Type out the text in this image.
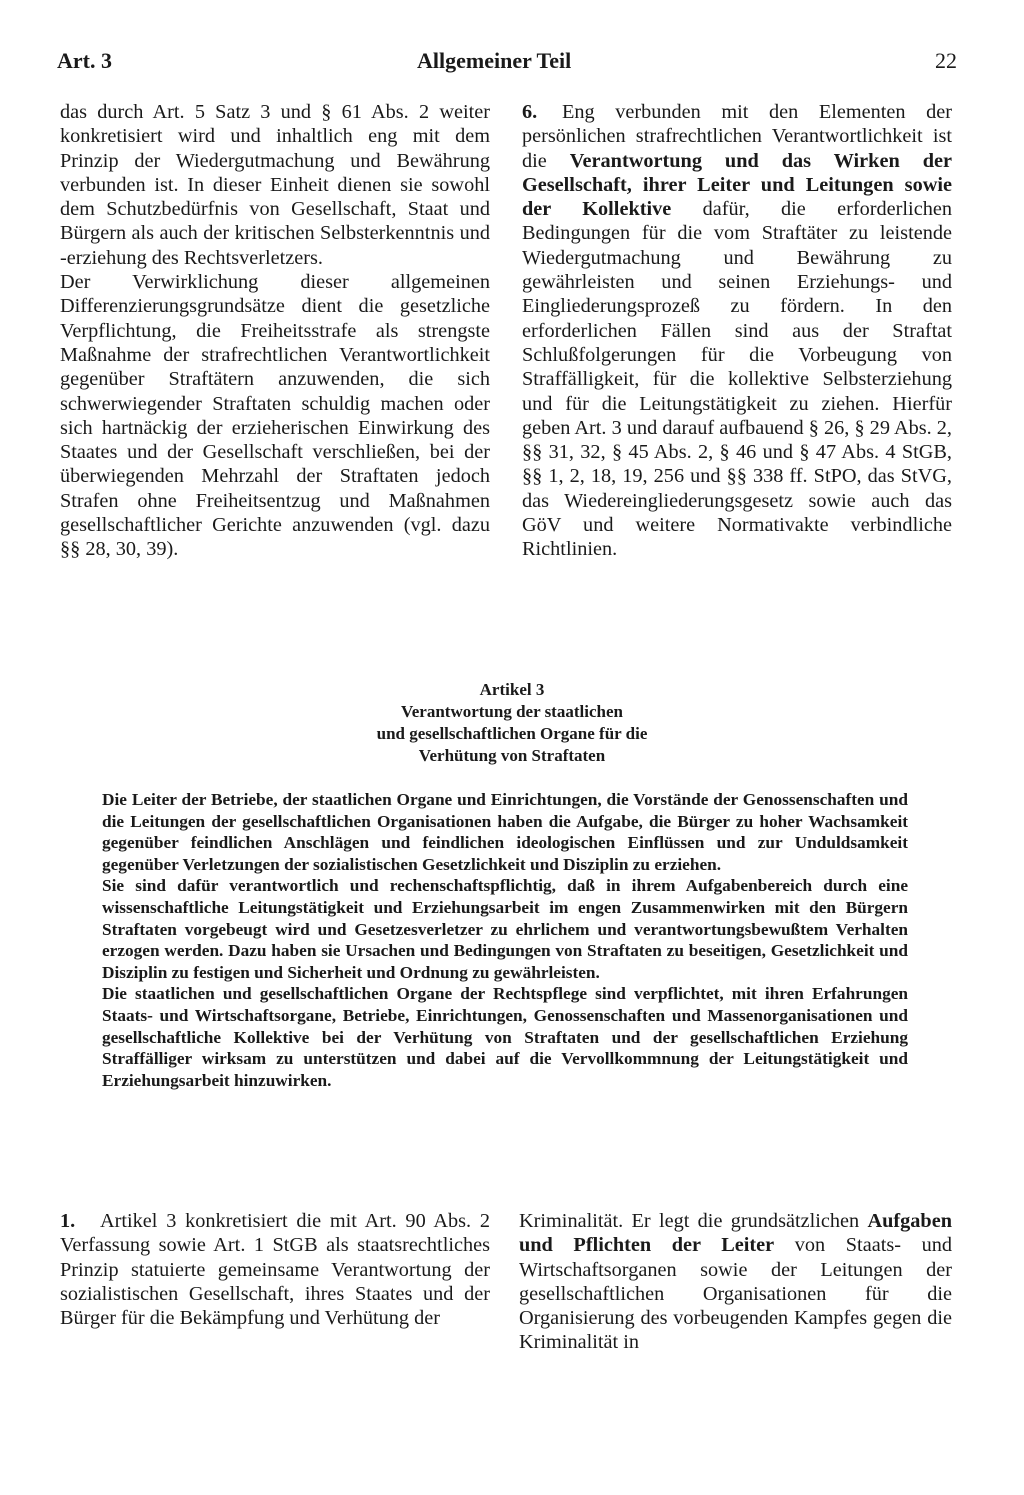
Art. 3	Allgemeiner Teil	22

das durch Art. 5 Satz 3 und § 61 Abs. 2 weiter konkretisiert wird und inhaltlich eng mit dem Prinzip der Wiedergutmachung und Bewährung verbunden ist. In dieser Einheit dienen sie sowohl dem Schutzbedürfnis von Gesellschaft, Staat und Bürgern als auch der kritischen Selbsterkenntnis und -erziehung des Rechtsverletzers.

Der Verwirklichung dieser allgemeinen Differenzierungsgrundsätze dient die gesetzliche Verpflichtung, die Freiheitsstrafe als strengste Maßnahme der strafrechtlichen Verantwortlichkeit gegenüber Straftätern anzuwenden, die sich schwerwiegender Straftaten schuldig machen oder sich hartnäckig der erzieherischen Einwirkung des Staates und der Gesellschaft verschließen, bei der überwiegenden Mehrzahl der Straftaten jedoch Strafen ohne Freiheitsentzug und Maßnahmen gesellschaftlicher Gerichte anzuwenden (vgl. dazu §§ 28, 30, 39).

6. Eng verbunden mit den Elementen der persönlichen strafrechtlichen Verantwortlichkeit ist die Verantwortung und das Wirken der Gesellschaft, ihrer Leiter und Leitungen sowie der Kollektive dafür, die erforderlichen Bedingungen für die vom Straftäter zu leistende Wiedergutmachung und Bewährung zu gewährleisten und seinen Erziehungs- und Eingliederungsprozeß zu fördern. In den erforderlichen Fällen sind aus der Straftat Schlußfolgerungen für die Vorbeugung von Straffälligkeit, für die kollektive Selbsterziehung und für die Leitungstätigkeit zu ziehen. Hierfür geben Art. 3 und darauf aufbauend § 26, § 29 Abs. 2, §§ 31, 32, § 45 Abs. 2, § 46 und § 47 Abs. 4 StGB, §§ 1, 2, 18, 19, 256 und §§ 338 ff. StPO, das StVG, das Wiedereingliederungsgesetz sowie auch das GöV und weitere Normativakte verbindliche Richtlinien.

Artikel 3
Verantwortung der staatlichen
und gesellschaftlichen Organe für die
Verhütung von Straftaten

Die Leiter der Betriebe, der staatlichen Organe und Einrichtungen, die Vorstände der Genossenschaften und die Leitungen der gesellschaftlichen Organisationen haben die Aufgabe, die Bürger zu hoher Wachsamkeit gegenüber feindlichen Anschlägen und feindlichen ideologischen Einflüssen und zur Unduldsamkeit gegenüber Verletzungen der sozialistischen Gesetzlichkeit und Disziplin zu erziehen.

Sie sind dafür verantwortlich und rechenschaftspflichtig, daß in ihrem Aufgabenbereich durch eine wissenschaftliche Leitungstätigkeit und Erziehungsarbeit im engen Zusammenwirken mit den Bürgern Straftaten vorgebeugt wird und Gesetzesverletzer zu ehrlichem und verantwortungsbewußtem Verhalten erzogen werden. Dazu haben sie Ursachen und Bedingungen von Straftaten zu beseitigen, Gesetzlichkeit und Disziplin zu festigen und Sicherheit und Ordnung zu gewährleisten.

Die staatlichen und gesellschaftlichen Organe der Rechtspflege sind verpflichtet, mit ihren Erfahrungen Staats- und Wirtschaftsorgane, Betriebe, Einrichtungen, Genossenschaften und Massenorganisationen und gesellschaftliche Kollektive bei der Verhütung von Straftaten und der gesellschaftlichen Erziehung Straffälliger wirksam zu unterstützen und dabei auf die Vervollkommnung der Leitungstätigkeit und Erziehungsarbeit hinzuwirken.

1. Artikel 3 konkretisiert die mit Art. 90 Abs. 2 Verfassung sowie Art. 1 StGB als staatsrechtliches Prinzip statuierte gemeinsame Verantwortung der sozialistischen Gesellschaft, ihres Staates und der Bürger für die Bekämpfung und Verhütung der

Kriminalität. Er legt die grundsätzlichen Aufgaben und Pflichten der Leiter von Staats- und Wirtschaftsorganen sowie der Leitungen der gesellschaftlichen Organisationen für die Organisierung des vorbeugenden Kampfes gegen die Kriminalität in
